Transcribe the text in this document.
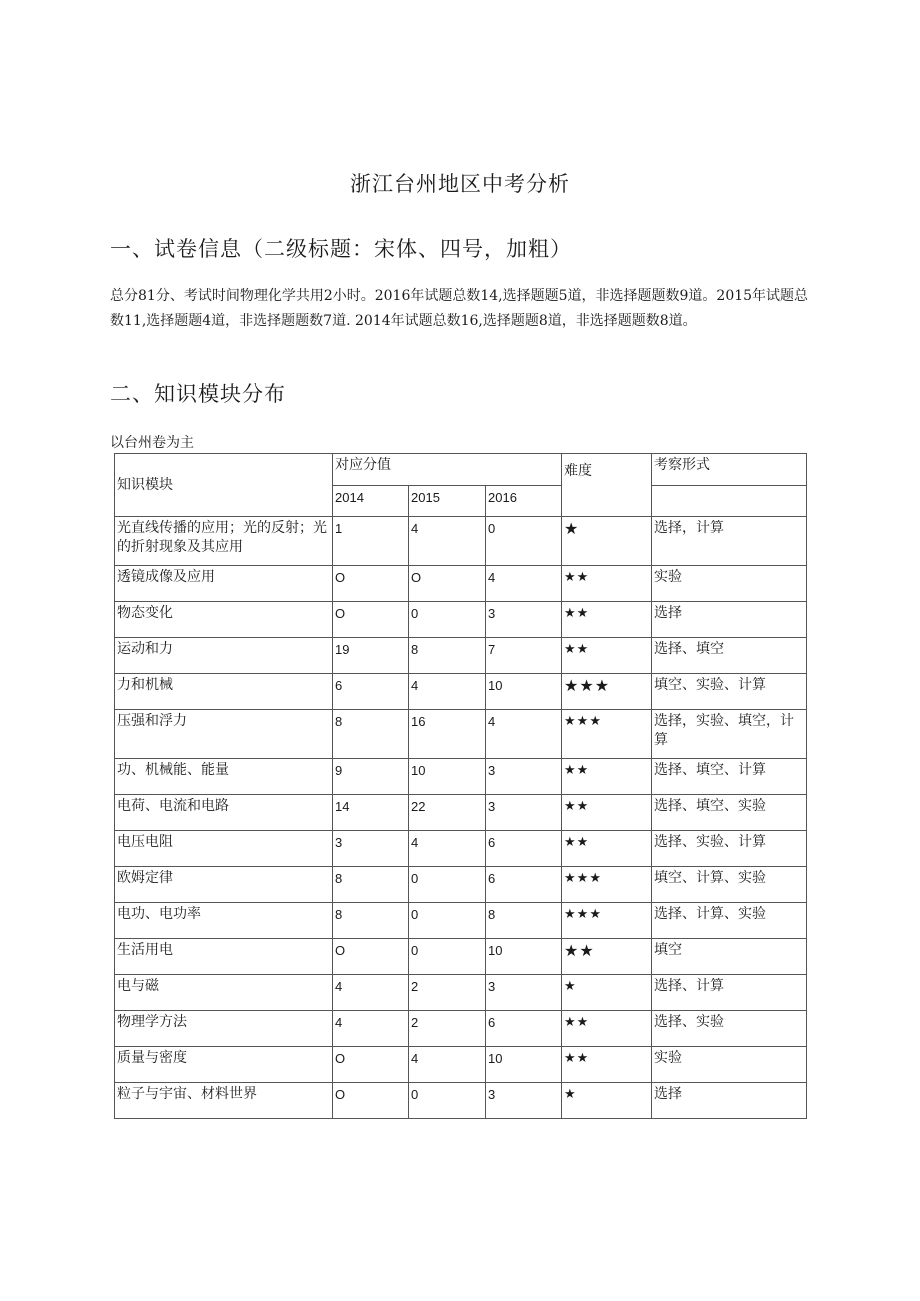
浙江台州地区中考分析
一、试卷信息（二级标题：宋体、四号，加粗）
总分81分、考试时间物理化学共用2小时。2016年试题总数14,选择题题5道，非选择题题数9道。2015年试题总数11,选择题题4道，非选择题题数7道. 2014年试题总数16,选择题题8道，非选择题题数8道。
二、知识模块分布
以台州卷为主
知识模块	对应分值			难度	考察形式
	2014	2015	2016		
光直线传播的应用；光的反射；光的折射现象及其应用	1	4	0	★	选择，计算
透镜成像及应用	O	O	4	★★	实验
物态变化	O	0	3	★★	选择
运动和力	19	8	7	★★	选择、填空
力和机械	6	4	10	★★★	填空、实验、计算
压强和浮力	8	16	4	★★★	选择，实验、填空，计算
功、机械能、能量	9	10	3	★★	选择、填空、计算
电荷、电流和电路	14	22	3	★★	选择、填空、实验
电压电阻	3	4	6	★★	选择、实验、计算
欧姆定律	8	0	6	★★★	填空、计算、实验
电功、电功率	8	0	8	★★★	选择、计算、实验
生活用电	O	0	10	★★	填空
电与磁	4	2	3	★	选择、计算
物理学方法	4	2	6	★★	选择、实验
质量与密度	O	4	10	★★	实验
粒子与宇宙、材料世界	O	0	3	★	选择
